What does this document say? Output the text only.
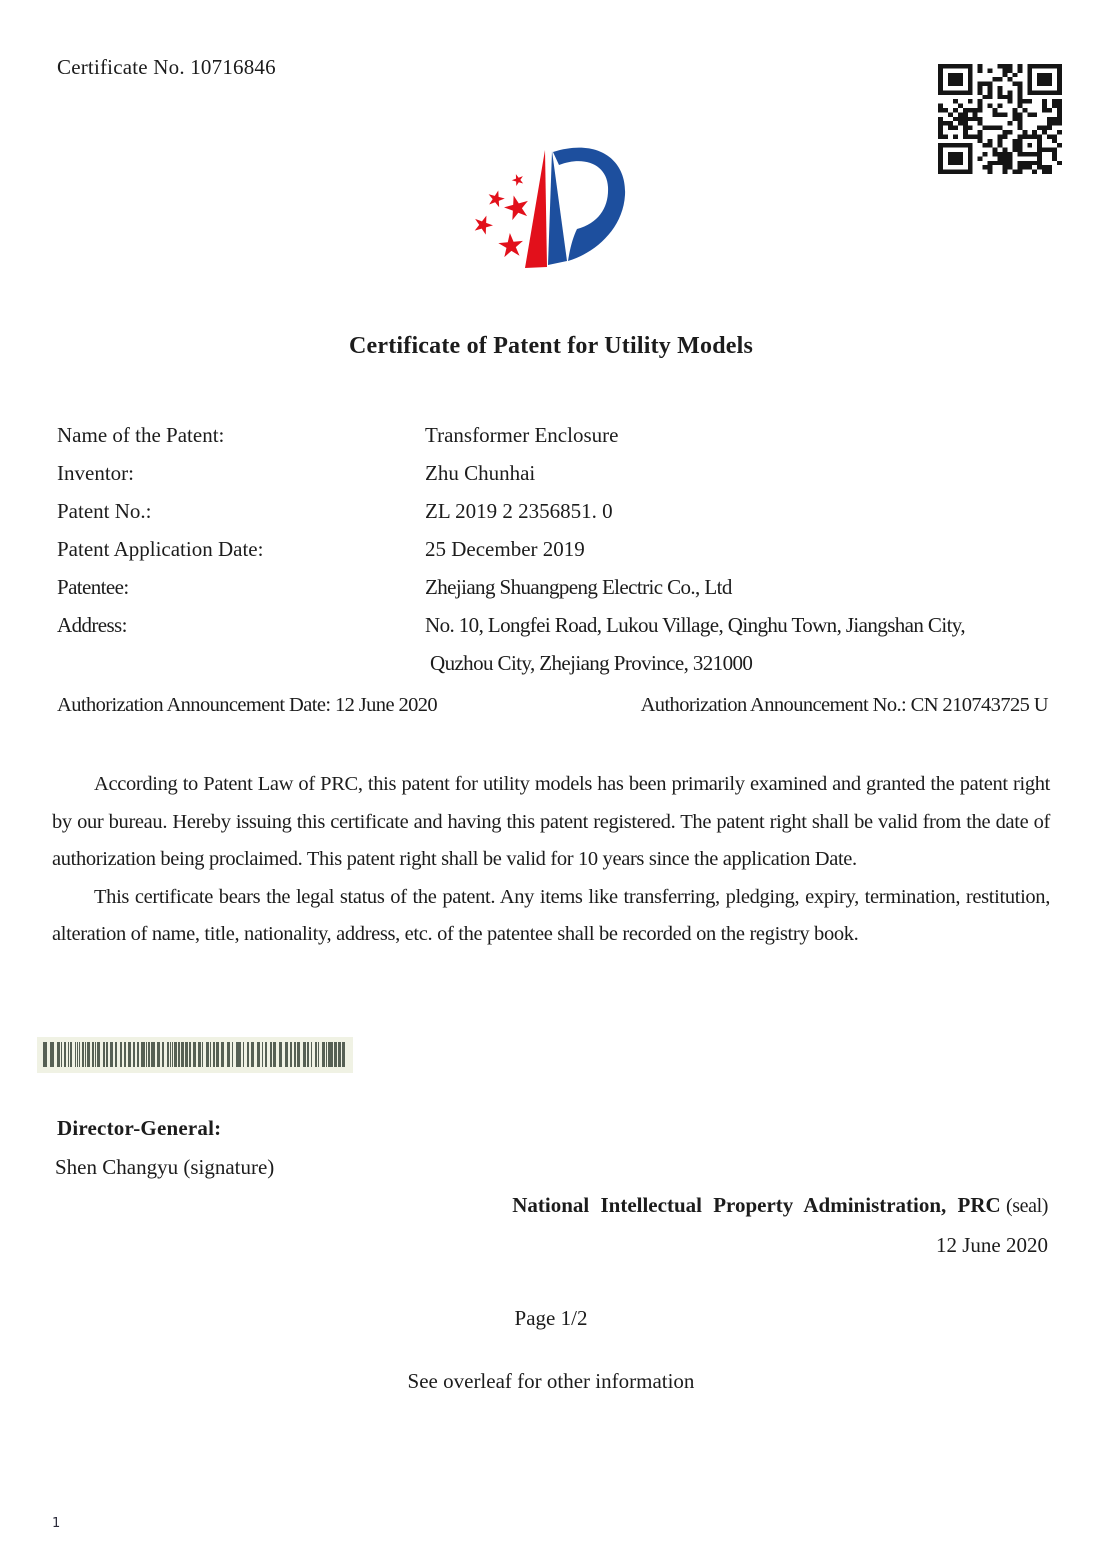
Certificate No. 10716846
Certificate of Patent for Utility Models
Name of the Patent:	Transformer Enclosure
Inventor:	Zhu Chunhai
Patent No.:	ZL 2019 2 2356851. 0
Patent Application Date:	25 December 2019
Patentee:	Zhejiang Shuangpeng Electric Co., Ltd
Address:	No. 10, Longfei Road, Lukou Village, Qinghu Town, Jiangshan City,
Quzhou City, Zhejiang Province, 321000
Authorization Announcement Date: 12 June 2020	Authorization Announcement No.: CN 210743725 U

According to Patent Law of PRC, this patent for utility models has been primarily examined and granted the patent right by our bureau. Hereby issuing this certificate and having this patent registered. The patent right shall be valid from the date of authorization being proclaimed. This patent right shall be valid for 10 years since the application Date.

This certificate bears the legal status of the patent. Any items like transferring, pledging, expiry, termination, restitution, alteration of name, title, nationality, address, etc. of the patentee shall be recorded on the registry book.

Director-General:
Shen Changyu (signature)
National Intellectual Property Administration, PRC (seal)
12 June 2020
Page 1/2
See overleaf for other information
1
